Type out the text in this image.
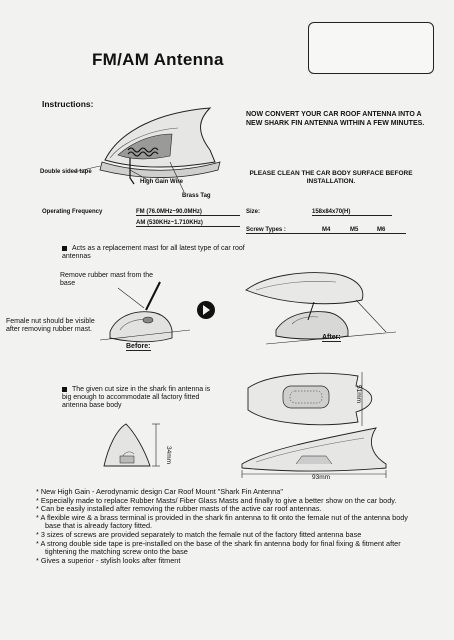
FM/AM Antenna
Instructions:
NOW CONVERT YOUR CAR ROOF ANTENNA INTO A NEW SHARK FIN ANTENNA WITHIN A FEW MINUTES.
Double sided tape
High Gain Wire
Brass Tag
PLEASE CLEAN THE CAR BODY SURFACE BEFORE INSTALLATION.
Operating Frequency	FM (76.0MHz~90.0MHz)
AM (530KHz~1.710KHz)
Size:	158x84x70(H)
Screw Types :	M4	M5	M6
Acts as a replacement mast for all latest type of car roof antennas
Remove rubber mast from the base
Female nut should be visible after removing rubber mast.
Before:
After:
The given cut size in the shark fin antenna is big enough to accommodate all factory fitted antenna base body
51mm
34mm
93mm

* New High Gain - Aerodynamic design Car Roof Mount "Shark Fin Antenna"

* Especially made to replace Rubber Masts/ Fiber Glass Masts and finally to give a better show on the car body.

* Can be easily installed after removing the rubber masts of the active car roof antennas.

* A flexible wire & a brass terminal is provided in the shark fin antenna to fit onto the female nut of the antenna body base that is already factory fitted.

* 3 sizes of screws are provided separately to match the female nut of the factory fitted antenna base

* A strong double side tape is pre-installed on the base of the shark fin antenna body for final fixing & fitment after tightening the matching screw onto the base

* Gives a superior - stylish looks after fitment
